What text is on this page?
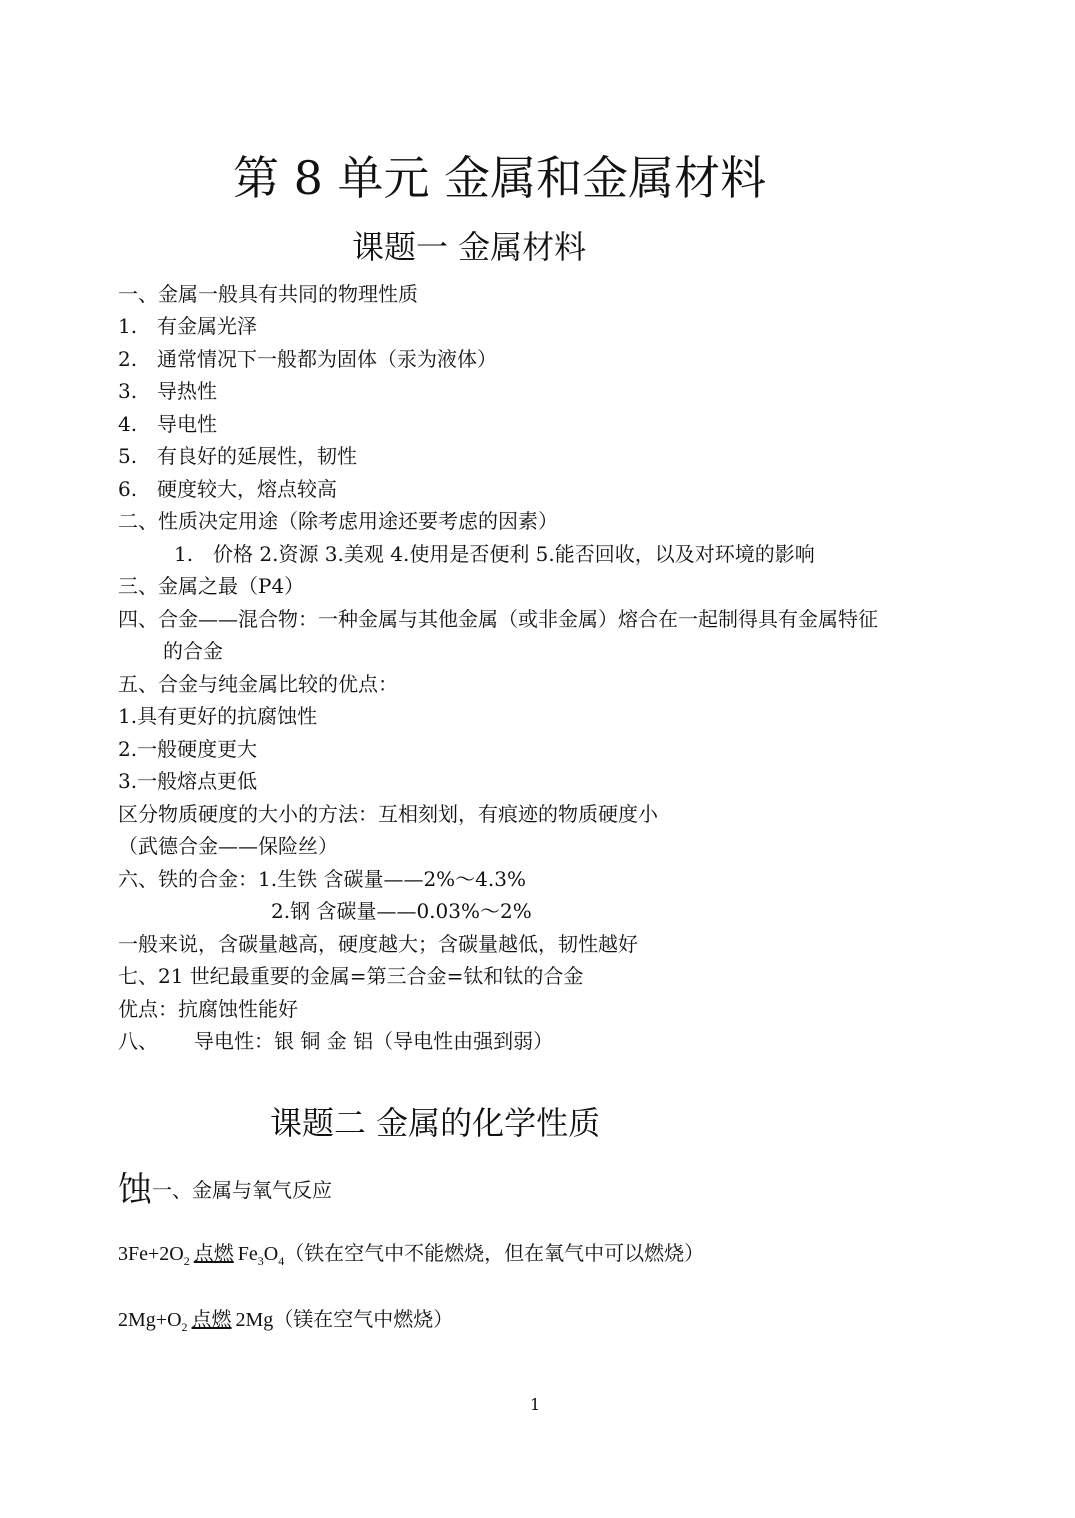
第 8 单元 金属和金属材料
课题一 金属材料
一、金属一般具有共同的物理性质
1. 有金属光泽
2. 通常情况下一般都为固体（汞为液体）
3. 导热性
4. 导电性
5. 有良好的延展性，韧性
6. 硬度较大，熔点较高
二、性质决定用途（除考虑用途还要考虑的因素）
1. 价格 2.资源 3.美观 4.使用是否便利 5.能否回收，以及对环境的影响
三、金属之最（P4）
四、合金——混合物：一种金属与其他金属（或非金属）熔合在一起制得具有金属特征
的合金
五、合金与纯金属比较的优点：
1.具有更好的抗腐蚀性
2.一般硬度更大
3.一般熔点更低
区分物质硬度的大小的方法：互相刻划，有痕迹的物质硬度小
（武德合金——保险丝）
六、铁的合金：1.生铁 含碳量——2%～4.3%
2.钢 含碳量——0.03%～2%
一般来说，含碳量越高，硬度越大；含碳量越低，韧性越好
七、21 世纪最重要的金属=第三合金=钛和钛的合金
优点：抗腐蚀性能好
八、 导电性：银 铜 金 铝（导电性由强到弱）
课题二 金属的化学性质
蚀一、金属与氧气反应
$3Fe+2O_2$ 点燃 $Fe_3O_4$（铁在空气中不能燃烧，但在氧气中可以燃烧）
$2Mg+O_2$ 点燃 2Mg（镁在空气中燃烧）
1
